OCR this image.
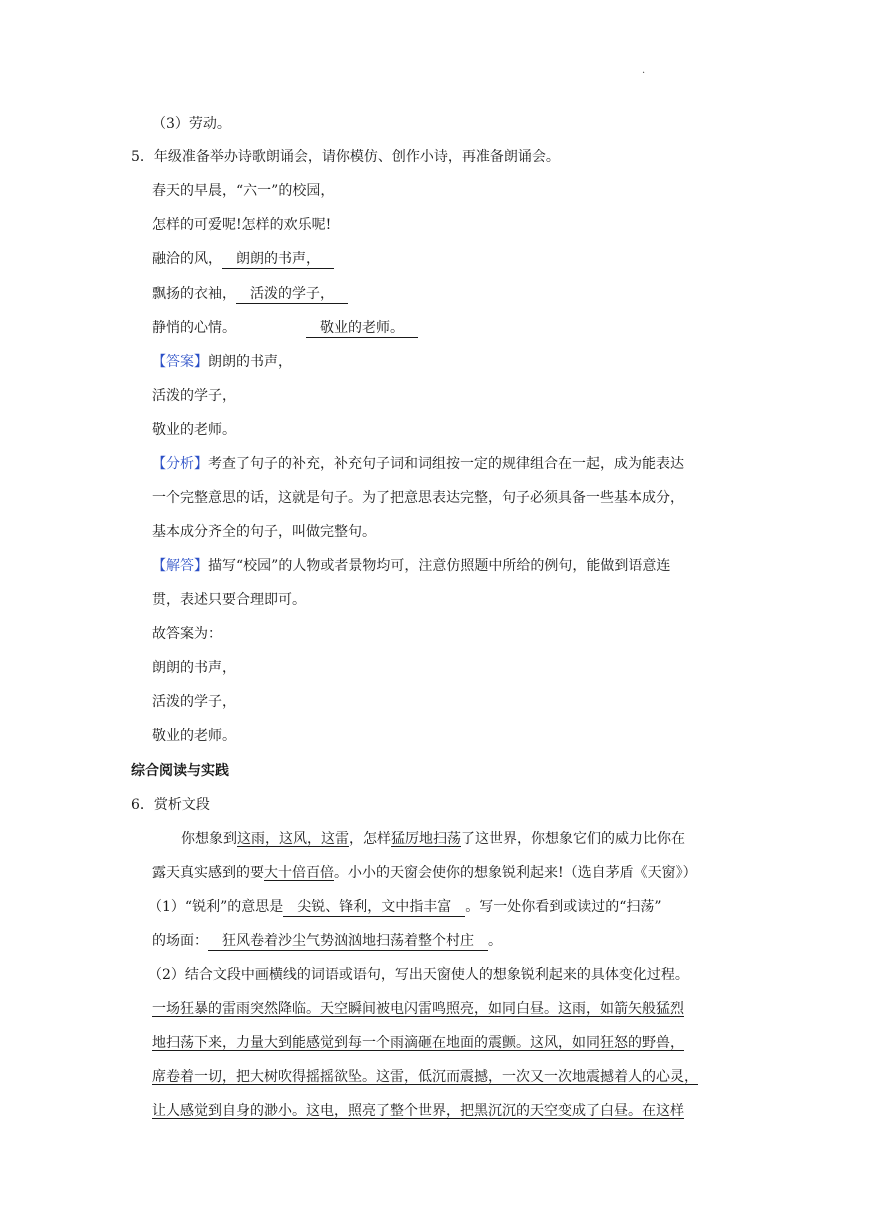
·
（3）劳动。
5．年级准备举办诗歌朗诵会，请你模仿、创作小诗，再准备朗诵会。
春天的早晨，“六一”的校园，
怎样的可爱呢!怎样的欢乐呢!
融洽的风， 朗朗的书声，
飘扬的衣袖， 活泼的学子，
静悄的心情。	敬业的老师。
【答案】朗朗的书声，
活泼的学子，
敬业的老师。
【分析】考查了句子的补充，补充句子词和词组按一定的规律组合在一起，成为能表达
一个完整意思的话，这就是句子。为了把意思表达完整，句子必须具备一些基本成分，
基本成分齐全的句子，叫做完整句。
【解答】描写“校园”的人物或者景物均可，注意仿照题中所给的例句，能做到语意连
贯，表述只要合理即可。
故答案为：
朗朗的书声，
活泼的学子，
敬业的老师。
综合阅读与实践
6．赏析文段
你想象到这雨，这风，这雷，怎样猛厉地扫荡了这世界，你想象它们的威力比你在
露天真实感到的要大十倍百倍。小小的天窗会使你的想象锐利起来!（选自茅盾《天窗》）
（1）“锐利”的意思是 尖锐、锋利，文中指丰富 。写一处你看到或读过的“扫荡”
的场面： 狂风卷着沙尘气势汹汹地扫荡着整个村庄 。
（2）结合文段中画横线的词语或语句，写出天窗使人的想象锐利起来的具体变化过程。
一场狂暴的雷雨突然降临。天空瞬间被电闪雷鸣照亮，如同白昼。这雨，如箭矢般猛烈
地扫荡下来，力量大到能感觉到每一个雨滴砸在地面的震颤。这风，如同狂怒的野兽，
席卷着一切，把大树吹得摇摇欲坠。这雷，低沉而震撼，一次又一次地震撼着人的心灵，
让人感觉到自身的渺小。这电，照亮了整个世界，把黑沉沉的天空变成了白昼。在这样
